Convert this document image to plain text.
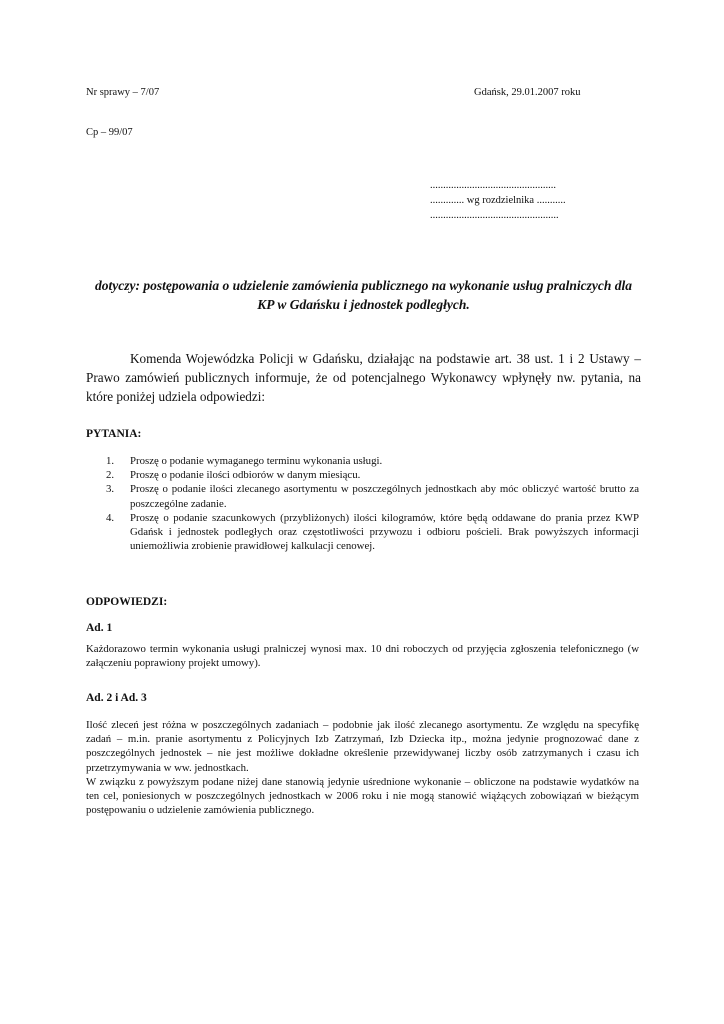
Nr sprawy – 7/07	Gdańsk, 29.01.2007 roku
Cp – 99/07
................................................
............. wg rozdzielnika ...........
.................................................
dotyczy: postępowania o udzielenie zamówienia publicznego na wykonanie usług pralniczych dla KP w Gdańsku i jednostek podległych.
Komenda Wojewódzka Policji w Gdańsku, działając na podstawie art. 38 ust. 1 i 2 Ustawy – Prawo zamówień publicznych informuje, że od potencjalnego Wykonawcy wpłynęły nw. pytania, na które poniżej udziela odpowiedzi:
PYTANIA:
1. Proszę o podanie wymaganego terminu wykonania usługi.
2. Proszę o podanie ilości odbiorów w danym miesiącu.
3. Proszę o podanie ilości zlecanego asortymentu w poszczególnych jednostkach aby móc obliczyć wartość brutto za poszczególne zadanie.
4. Proszę o podanie szacunkowych (przybliżonych) ilości kilogramów, które będą oddawane do prania przez KWP Gdańsk i jednostek podległych oraz częstotliwości przywozu i odbioru pościeli. Brak powyższych informacji uniemożliwia zrobienie prawidłowej kalkulacji cenowej.
ODPOWIEDZI:
Ad. 1
Każdorazowo termin wykonania usługi pralniczej wynosi max. 10 dni roboczych od przyjęcia zgłoszenia telefonicznego (w załączeniu poprawiony projekt umowy).
Ad. 2 i Ad. 3

Ilość zleceń jest różna w poszczególnych zadaniach – podobnie jak ilość zlecanego asortymentu. Ze względu na specyfikę zadań – m.in. pranie asortymentu z Policyjnych Izb Zatrzymań, Izb Dziecka itp., można jedynie prognozować dane z poszczególnych jednostek – nie jest możliwe dokładne określenie przewidywanej liczby osób zatrzymanych i czasu ich przetrzymywania w ww. jednostkach.

W związku z powyższym podane niżej dane stanowią jedynie uśrednione wykonanie – obliczone na podstawie wydatków na ten cel, poniesionych w poszczególnych jednostkach w 2006 roku i nie mogą stanowić wiążących zobowiązań w bieżącym postępowaniu o udzielenie zamówienia publicznego.
